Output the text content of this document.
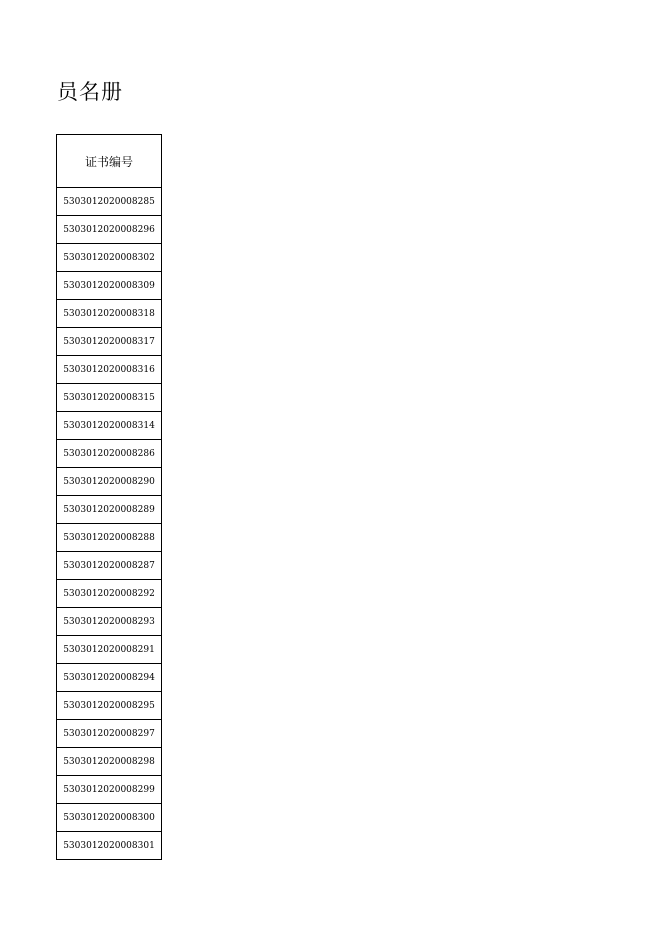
员名册
证书编号
5303012020008285
5303012020008296
5303012020008302
5303012020008309
5303012020008318
5303012020008317
5303012020008316
5303012020008315
5303012020008314
5303012020008286
5303012020008290
5303012020008289
5303012020008288
5303012020008287
5303012020008292
5303012020008293
5303012020008291
5303012020008294
5303012020008295
5303012020008297
5303012020008298
5303012020008299
5303012020008300
5303012020008301
